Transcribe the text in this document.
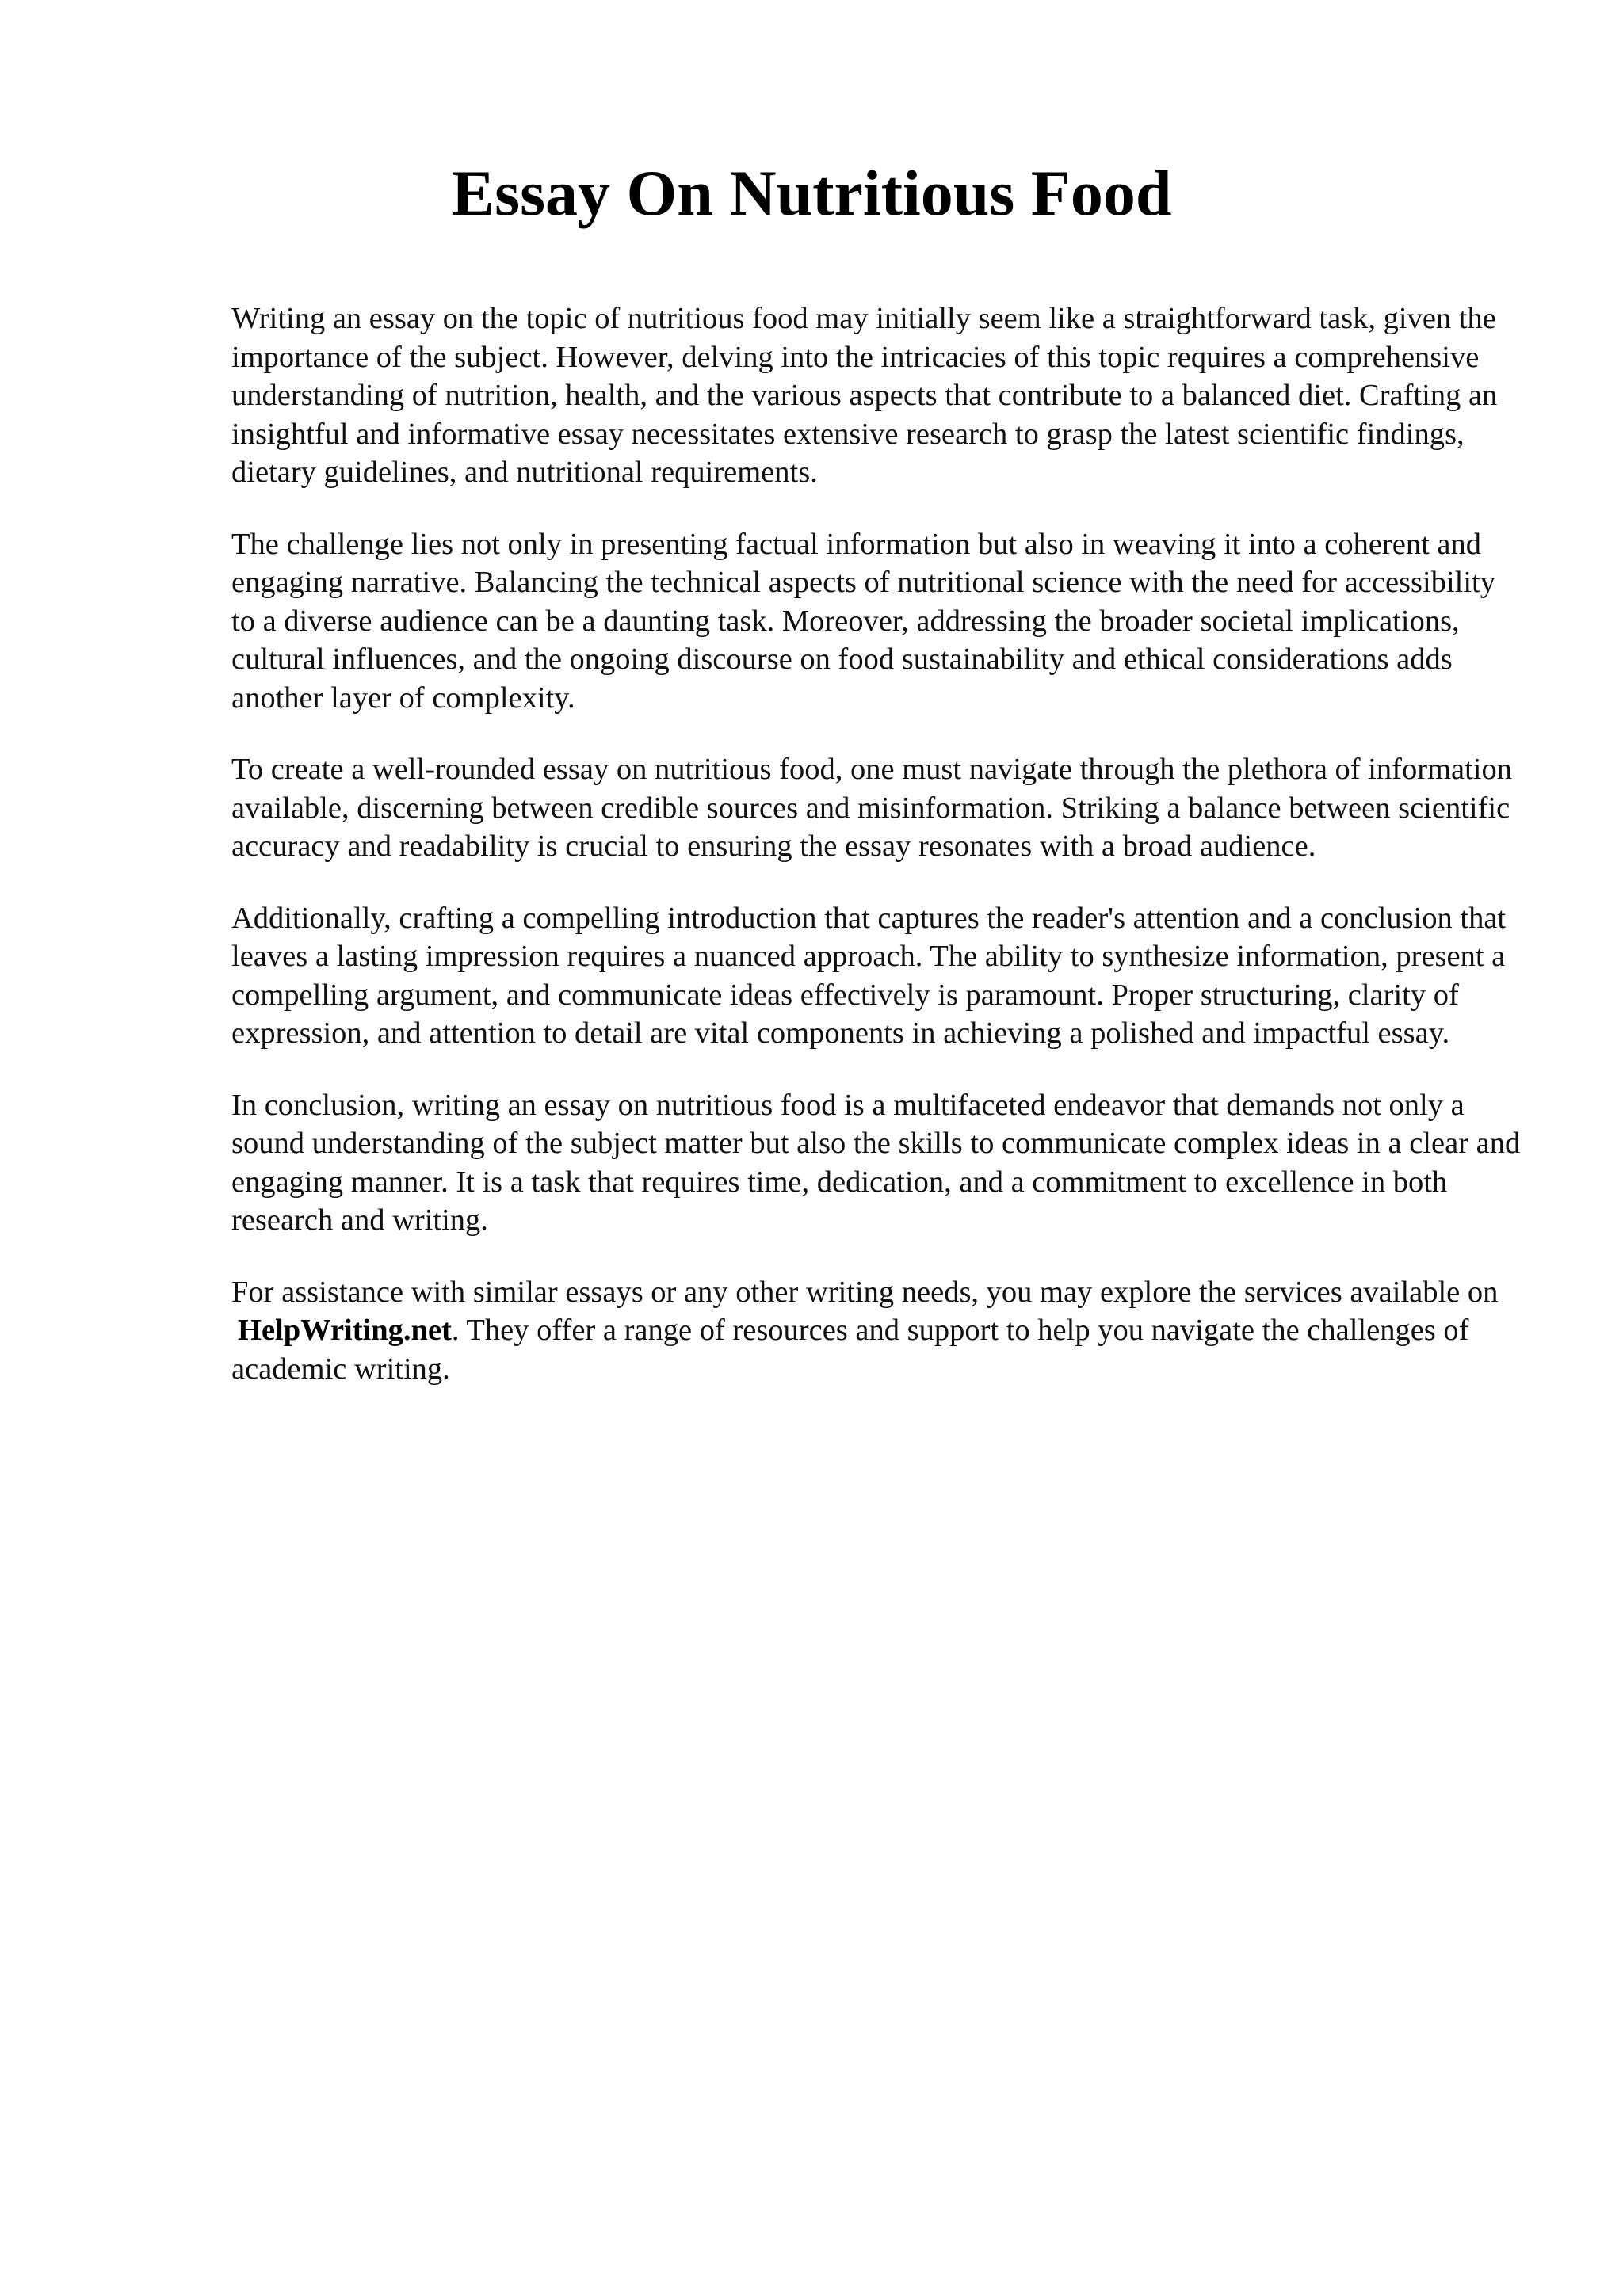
Essay On Nutritious Food

Writing an essay on the topic of nutritious food may initially seem like a straightforward task, given the importance of the subject. However, delving into the intricacies of this topic requires a comprehensive understanding of nutrition, health, and the various aspects that contribute to a balanced diet. Crafting an insightful and informative essay necessitates extensive research to grasp the latest scientific findings, dietary guidelines, and nutritional requirements.

The challenge lies not only in presenting factual information but also in weaving it into a coherent and engaging narrative. Balancing the technical aspects of nutritional science with the need for accessibility to a diverse audience can be a daunting task. Moreover, addressing the broader societal implications, cultural influences, and the ongoing discourse on food sustainability and ethical considerations adds another layer of complexity.

To create a well-rounded essay on nutritious food, one must navigate through the plethora of information available, discerning between credible sources and misinformation. Striking a balance between scientific accuracy and readability is crucial to ensuring the essay resonates with a broad audience.

Additionally, crafting a compelling introduction that captures the reader's attention and a conclusion that leaves a lasting impression requires a nuanced approach. The ability to synthesize information, present a compelling argument, and communicate ideas effectively is paramount. Proper structuring, clarity of expression, and attention to detail are vital components in achieving a polished and impactful essay.

In conclusion, writing an essay on nutritious food is a multifaceted endeavor that demands not only a sound understanding of the subject matter but also the skills to communicate complex ideas in a clear and engaging manner. It is a task that requires time, dedication, and a commitment to excellence in both research and writing.

For assistance with similar essays or any other writing needs, you may explore the services available on HelpWriting.net. They offer a range of resources and support to help you navigate the challenges of academic writing.
